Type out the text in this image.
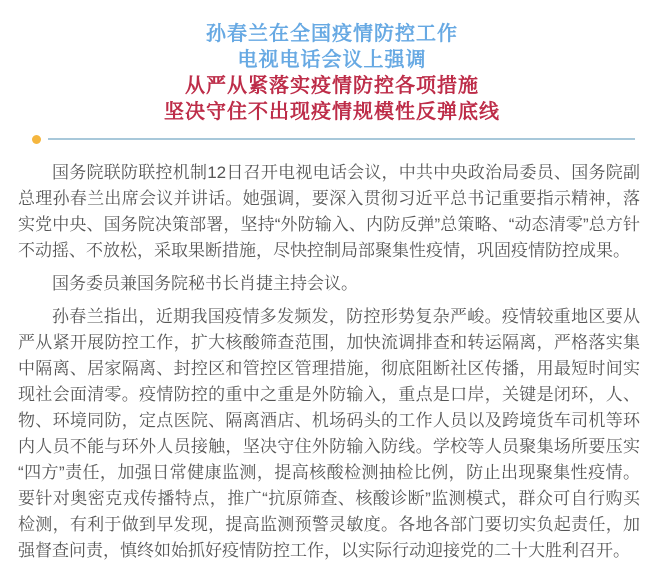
孙春兰在全国疫情防控工作
电视电话会议上强调
从严从紧落实疫情防控各项措施
坚决守住不出现疫情规模性反弹底线

国务院联防联控机制12日召开电视电话会议，中共中央政治局委员、国务院副总理孙春兰出席会议并讲话。她强调，要深入贯彻习近平总书记重要指示精神，落实党中央、国务院决策部署，坚持“外防输入、内防反弹”总策略、“动态清零”总方针不动摇、不放松，采取果断措施，尽快控制局部聚集性疫情，巩固疫情防控成果。

国务委员兼国务院秘书长肖捷主持会议。

孙春兰指出，近期我国疫情多发频发，防控形势复杂严峻。疫情较重地区要从严从紧开展防控工作，扩大核酸筛查范围，加快流调排查和转运隔离，严格落实集中隔离、居家隔离、封控区和管控区管理措施，彻底阻断社区传播，用最短时间实现社会面清零。疫情防控的重中之重是外防输入，重点是口岸，关键是闭环，人、物、环境同防，定点医院、隔离酒店、机场码头的工作人员以及跨境货车司机等环内人员不能与环外人员接触，坚决守住外防输入防线。学校等人员聚集场所要压实“四方”责任，加强日常健康监测，提高核酸检测抽检比例，防止出现聚集性疫情。要针对奥密克戎传播特点，推广“抗原筛查、核酸诊断”监测模式，群众可自行购买检测，有利于做到早发现，提高监测预警灵敏度。各地各部门要切实负起责任，加强督查问责，慎终如始抓好疫情防控工作，以实际行动迎接党的二十大胜利召开。
